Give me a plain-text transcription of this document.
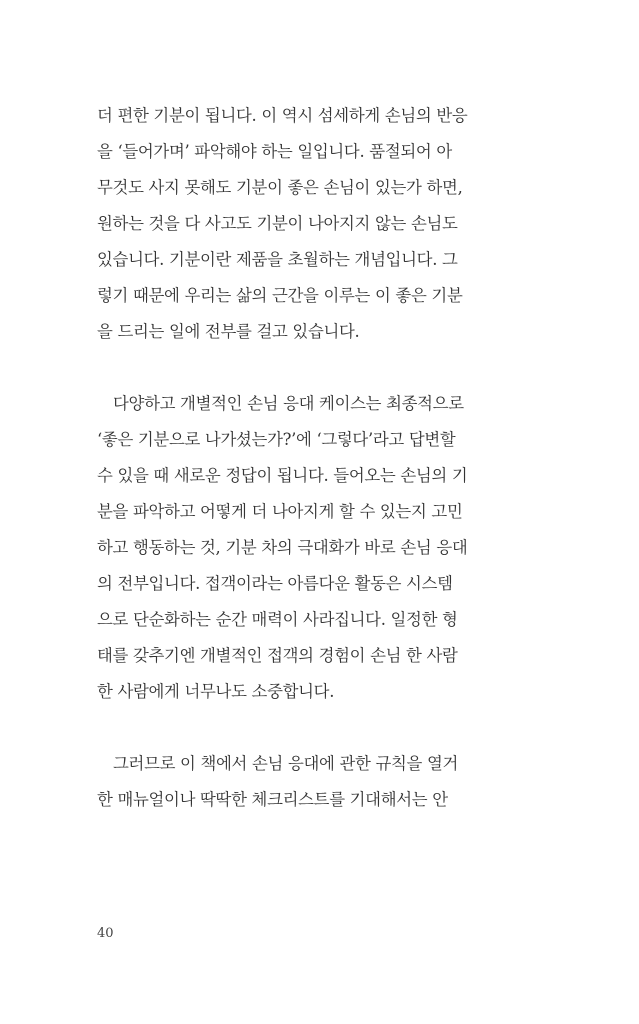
더 편한 기분이 됩니다. 이 역시 섬세하게 손님의 반응
을 ‘들어가며’ 파악해야 하는 일입니다. 품절되어 아
무것도 사지 못해도 기분이 좋은 손님이 있는가 하면,
원하는 것을 다 사고도 기분이 나아지지 않는 손님도
있습니다. 기분이란 제품을 초월하는 개념입니다. 그
렇기 때문에 우리는 삶의 근간을 이루는 이 좋은 기분
을 드리는 일에 전부를 걸고 있습니다.
다양하고 개별적인 손님 응대 케이스는 최종적으로
‘좋은 기분으로 나가셨는가?’에 ‘그렇다’라고 답변할
수 있을 때 새로운 정답이 됩니다. 들어오는 손님의 기
분을 파악하고 어떻게 더 나아지게 할 수 있는지 고민
하고 행동하는 것, 기분 차의 극대화가 바로 손님 응대
의 전부입니다. 접객이라는 아름다운 활동은 시스템
으로 단순화하는 순간 매력이 사라집니다. 일정한 형
태를 갖추기엔 개별적인 접객의 경험이 손님 한 사람
한 사람에게 너무나도 소중합니다.
그러므로 이 책에서 손님 응대에 관한 규칙을 열거
한 매뉴얼이나 딱딱한 체크리스트를 기대해서는 안
40
